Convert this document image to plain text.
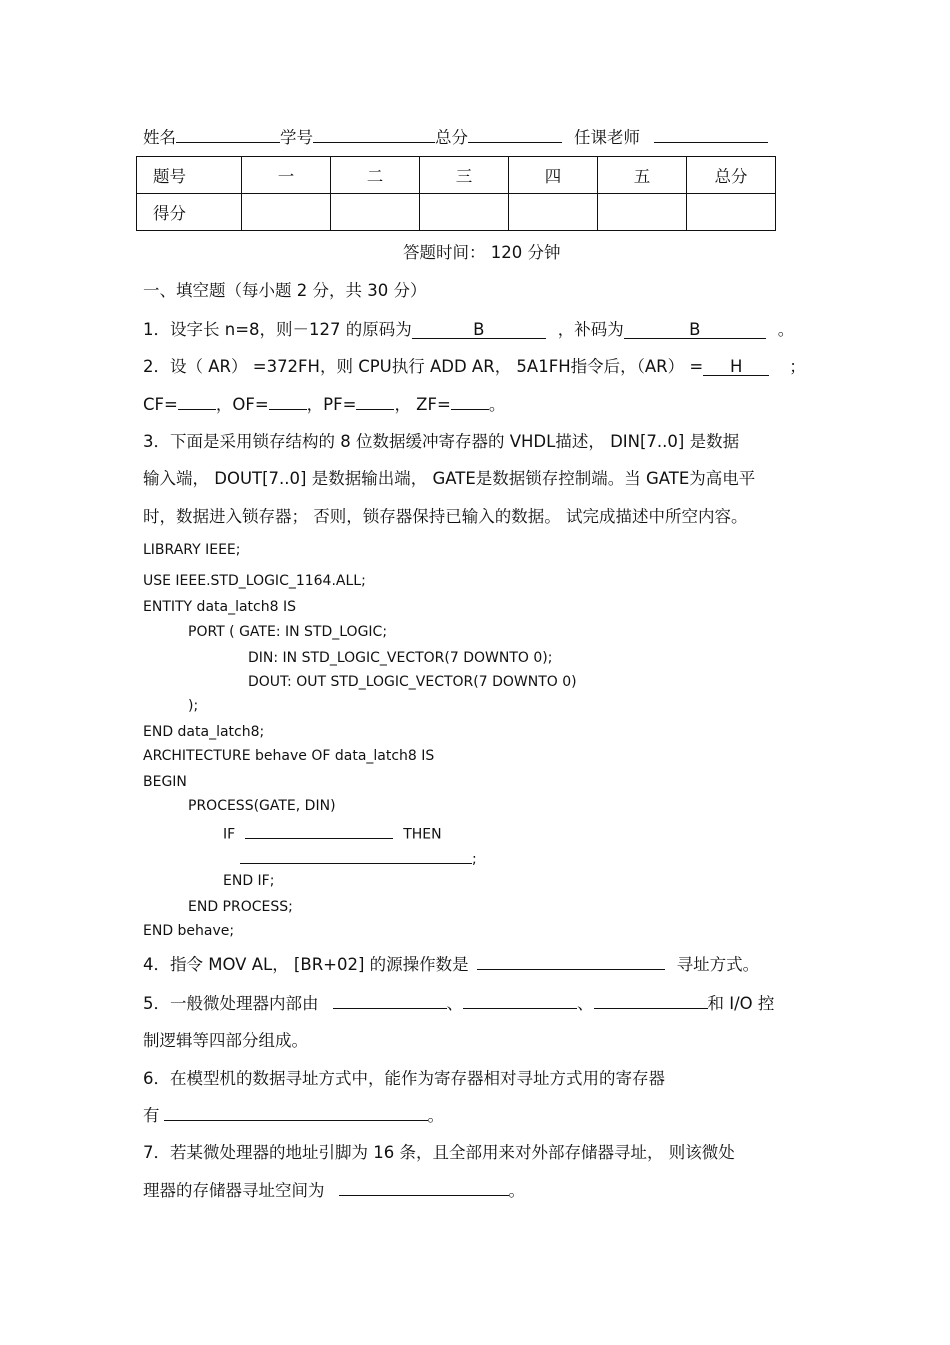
姓名	学号	总分	任课老师
题号	一	二	三	四	五	总分
得分						
答题时间： 120 分钟
一、填空题（每小题 2 分，共 30 分）
1．设字长 n=8，则－127 的原码为	B	，补码为	B	。
2．设（ AR） =372FH，则 CPU执行 ADD AR， 5A1FH指令后，（AR） = H	；
CF= ，OF= ，PF= ， ZF= 。
3．下面是采用锁存结构的 8 位数据缓冲寄存器的 VHDL描述， DIN[7..0] 是数据
输入端， DOUT[7..0] 是数据输出端， GATE是数据锁存控制端。当 GATE为高电平
时，数据进入锁存器； 否则，锁存器保持已输入的数据。 试完成描述中所空内容。
LIBRARY IEEE;
USE IEEE.STD_LOGIC_1164.ALL;
ENTITY data_latch8 IS
PORT ( GATE: IN STD_LOGIC;
DIN: IN STD_LOGIC_VECTOR(7 DOWNTO 0);
DOUT: OUT STD_LOGIC_VECTOR(7 DOWNTO 0)
);
END data_latch8;
ARCHITECTURE behave OF data_latch8 IS
BEGIN
PROCESS(GATE, DIN)
IF	THEN
;
END IF;
END PROCESS;
END behave;
4．指令 MOV AL， [BR+02] 的源操作数是	寻址方式。
5．一般微处理器内部由	、	、	和 I/O 控
制逻辑等四部分组成。
6．在模型机的数据寻址方式中，能作为寄存器相对寻址方式用的寄存器
有	。
7．若某微处理器的地址引脚为 16 条，且全部用来对外部存储器寻址， 则该微处
理器的存储器寻址空间为	。
